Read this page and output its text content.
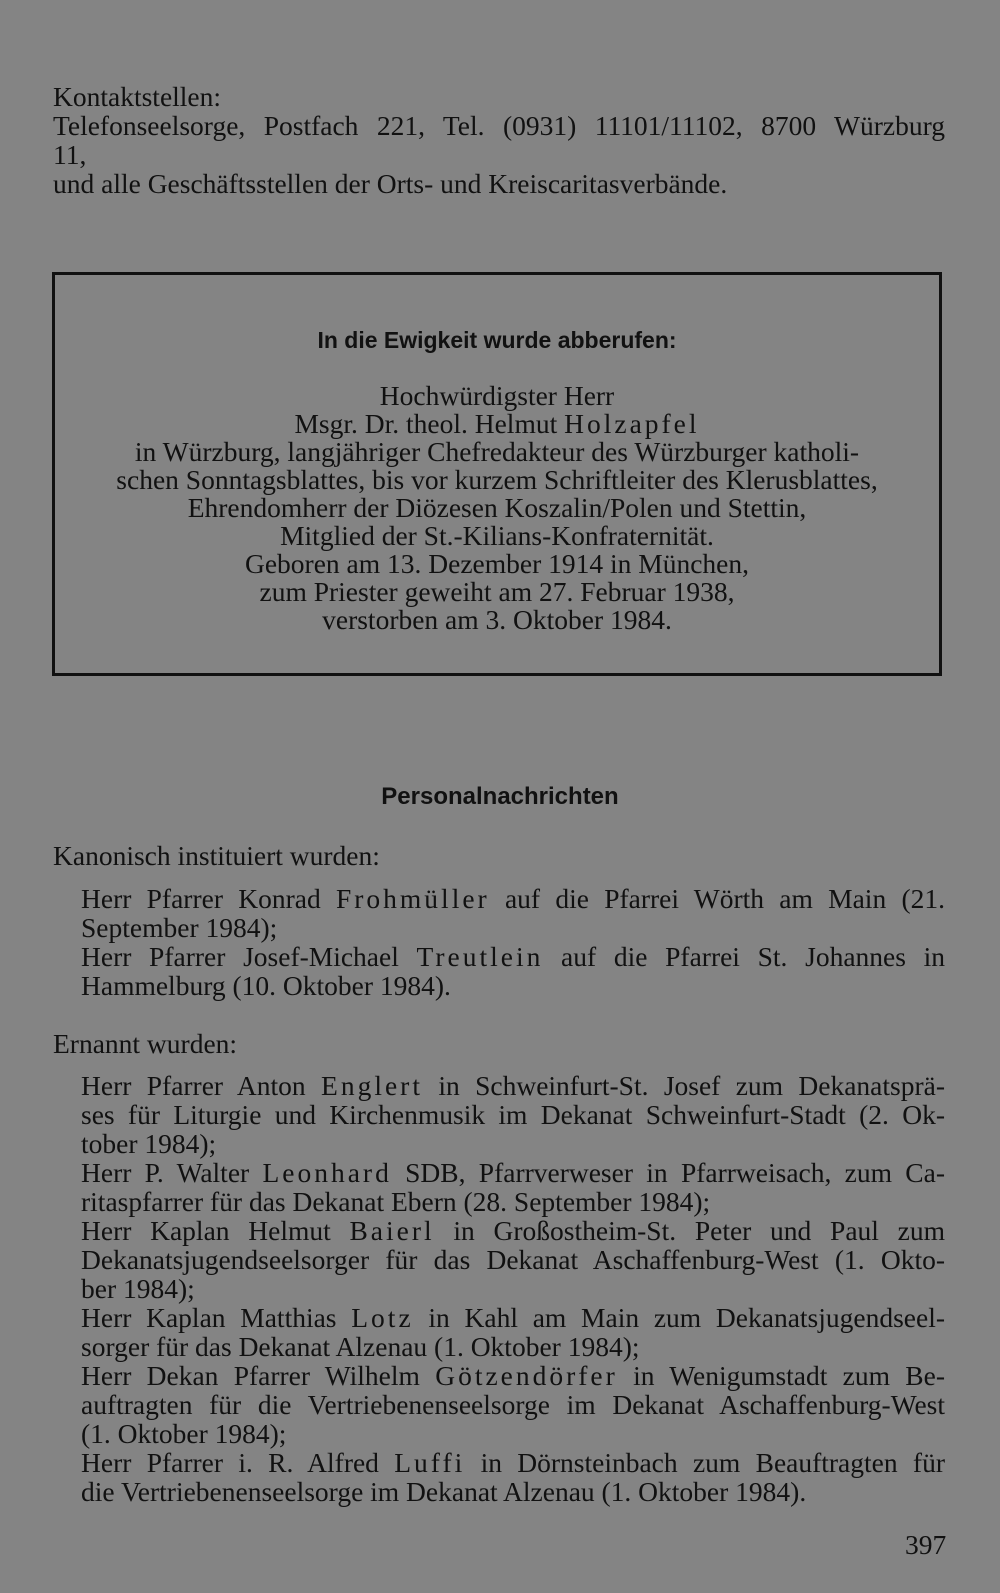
Kontaktstellen:
Telefonseelsorge, Postfach 221, Tel. (0931) 11101/11102, 8700 Würzburg
11,
und alle Geschäftsstellen der Orts- und Kreiscaritasverbände.
In die Ewigkeit wurde abberufen:
Hochwürdigster Herr
Msgr. Dr. theol. Helmut Holzapfel
in Würzburg, langjähriger Chefredakteur des Würzburger katholi-
schen Sonntagsblattes, bis vor kurzem Schriftleiter des Klerusblattes,
Ehrendomherr der Diözesen Koszalin/Polen und Stettin,
Mitglied der St.-Kilians-Konfraternität.
Geboren am 13. Dezember 1914 in München,
zum Priester geweiht am 27. Februar 1938,
verstorben am 3. Oktober 1984.
Personalnachrichten
Kanonisch instituiert wurden:
Herr Pfarrer Konrad Frohmüller auf die Pfarrei Wörth am Main (21.
September 1984);
Herr Pfarrer Josef-Michael Treutlein auf die Pfarrei St. Johannes in
Hammelburg (10. Oktober 1984).
Ernannt wurden:
Herr Pfarrer Anton Englert in Schweinfurt-St. Josef zum Dekanatsprä-
ses für Liturgie und Kirchenmusik im Dekanat Schweinfurt-Stadt (2. Ok-
tober 1984);
Herr P. Walter Leonhard SDB, Pfarrverweser in Pfarrweisach, zum Ca-
ritaspfarrer für das Dekanat Ebern (28. September 1984);
Herr Kaplan Helmut Baierl in Großostheim-St. Peter und Paul zum
Dekanatsjugendseelsorger für das Dekanat Aschaffenburg-West (1. Okto-
ber 1984);
Herr Kaplan Matthias Lotz in Kahl am Main zum Dekanatsjugendseel-
sorger für das Dekanat Alzenau (1. Oktober 1984);
Herr Dekan Pfarrer Wilhelm Götzendörfer in Wenigumstadt zum Be-
auftragten für die Vertriebenenseelsorge im Dekanat Aschaffenburg-West
(1. Oktober 1984);
Herr Pfarrer i. R. Alfred Luffi in Dörnsteinbach zum Beauftragten für
die Vertriebenenseelsorge im Dekanat Alzenau (1. Oktober 1984).
397
